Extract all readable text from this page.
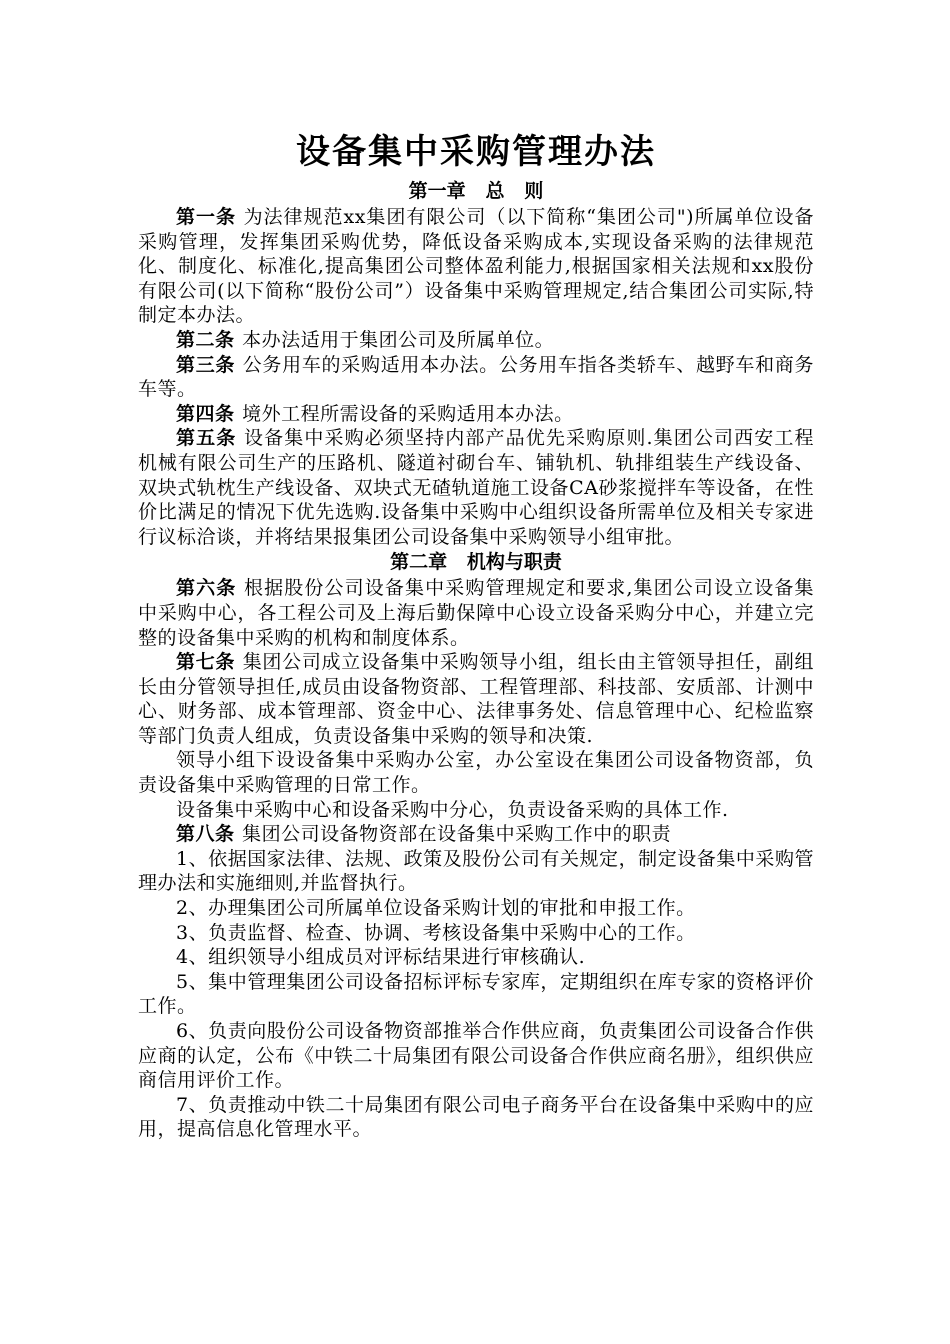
设备集中采购管理办法
第一章   总   则

第一条 为法律规范xx集团有限公司（以下简称“集团公司")所属单位设备采购管理，发挥集团采购优势，降低设备采购成本,实现设备采购的法律规范化、制度化、标准化,提高集团公司整体盈利能力,根据国家相关法规和xx股份有限公司(以下简称“股份公司”）设备集中采购管理规定,结合集团公司实际,特制定本办法。

第二条 本办法适用于集团公司及所属单位。

第三条 公务用车的采购适用本办法。公务用车指各类轿车、越野车和商务车等。

第四条 境外工程所需设备的采购适用本办法。

第五条 设备集中采购必须坚持内部产品优先采购原则.集团公司西安工程机械有限公司生产的压路机、隧道衬砌台车、铺轨机、轨排组装生产线设备、双块式轨枕生产线设备、双块式无碴轨道施工设备CA砂浆搅拌车等设备，在性价比满足的情况下优先选购.设备集中采购中心组织设备所需单位及相关专家进行议标洽谈，并将结果报集团公司设备集中采购领导小组审批。

第二章   机构与职责

第六条 根据股份公司设备集中采购管理规定和要求,集团公司设立设备集中采购中心，各工程公司及上海后勤保障中心设立设备采购分中心，并建立完整的设备集中采购的机构和制度体系。

第七条 集团公司成立设备集中采购领导小组，组长由主管领导担任，副组长由分管领导担任,成员由设备物资部、工程管理部、科技部、安质部、计测中心、财务部、成本管理部、资金中心、法律事务处、信息管理中心、纪检监察等部门负责人组成，负责设备集中采购的领导和决策.

领导小组下设设备集中采购办公室，办公室设在集团公司设备物资部，负责设备集中采购管理的日常工作。

设备集中采购中心和设备采购中分心，负责设备采购的具体工作.

第八条 集团公司设备物资部在设备集中采购工作中的职责

1、依据国家法律、法规、政策及股份公司有关规定，制定设备集中采购管理办法和实施细则,并监督执行。

2、办理集团公司所属单位设备采购计划的审批和申报工作。

3、负责监督、检查、协调、考核设备集中采购中心的工作。

4、组织领导小组成员对评标结果进行审核确认.

5、集中管理集团公司设备招标评标专家库，定期组织在库专家的资格评价工作。

6、负责向股份公司设备物资部推举合作供应商，负责集团公司设备合作供应商的认定，公布《中铁二十局集团有限公司设备合作供应商名册》，组织供应商信用评价工作。

7、负责推动中铁二十局集团有限公司电子商务平台在设备集中采购中的应用，提高信息化管理水平。
